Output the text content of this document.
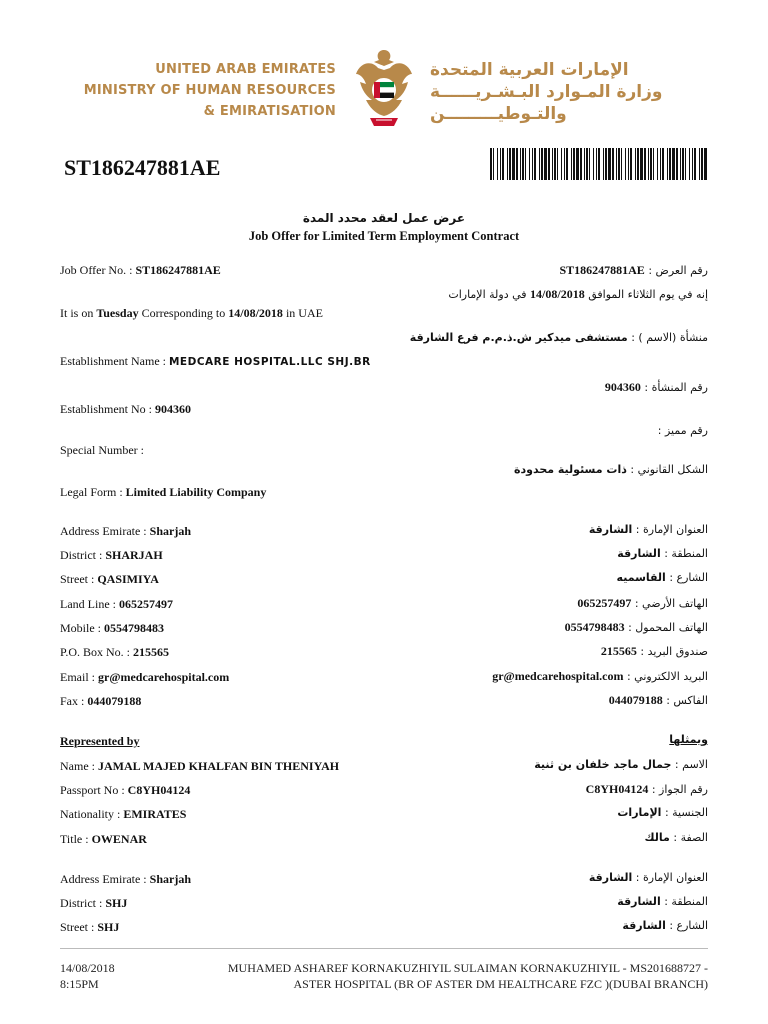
UNITED ARAB EMIRATES
MINISTRY OF HUMAN RESOURCES
& EMIRATISATION
الإمارات العربية المتحدة
وزارة المـوارد البـشـريــــــة
والتـوطيـــــــــن
ST186247881AE
عرض عمل لعقد محدد المدة
Job Offer for Limited Term Employment Contract
Job Offer No. : ST186247881AE	رقم العرض : ST186247881AE
إنه في يوم الثلاثاء الموافق 14/08/2018 في دولة الإمارات
It is on Tuesday Corresponding to 14/08/2018 in UAE
منشأة (الاسم ) : مستشفى ميدكير ش.ذ.م.م فرع الشارقة
Establishment Name : MEDCARE HOSPITAL.LLC SHJ.BR
رقم المنشأة : 904360
Establishment No : 904360
رقم مميز :
Special Number :
الشكل القانوني : ذات مسئولية محدودة
Legal Form : Limited Liability Company
Address Emirate : Sharjah	العنوان الإمارة : الشارقة
District : SHARJAH	المنطقة : الشارقة
Street : QASIMIYA	الشارع : القاسميه
Land Line : 065257497	الهاتف الأرضي : 065257497
Mobile : 0554798483	الهاتف المحمول : 0554798483
P.O. Box No. : 215565	صندوق البريد : 215565
Email : gr@medcarehospital.com	البريد الالكتروني : gr@medcarehospital.com
Fax : 044079188	الفاكس : 044079188
Represented by	ويمثلها
Name : JAMAL MAJED KHALFAN BIN THENIYAH	الاسم : جمال ماجد خلفان بن ثنية
Passport No : C8YH04124	رقم الجواز : C8YH04124
Nationality : EMIRATES	الجنسية : الإمارات
Title : OWENAR	الصفة : مالك
Address Emirate : Sharjah	العنوان الإمارة : الشارقة
District : SHJ	المنطقة : الشارقة
Street : SHJ	الشارع : الشارقة
14/08/2018
8:15PM
MUHAMED ASHAREF KORNAKUZHIYIL SULAIMAN KORNAKUZHIYIL - MS201688727 -
ASTER HOSPITAL (BR OF ASTER DM HEALTHCARE FZC )(DUBAI BRANCH)
